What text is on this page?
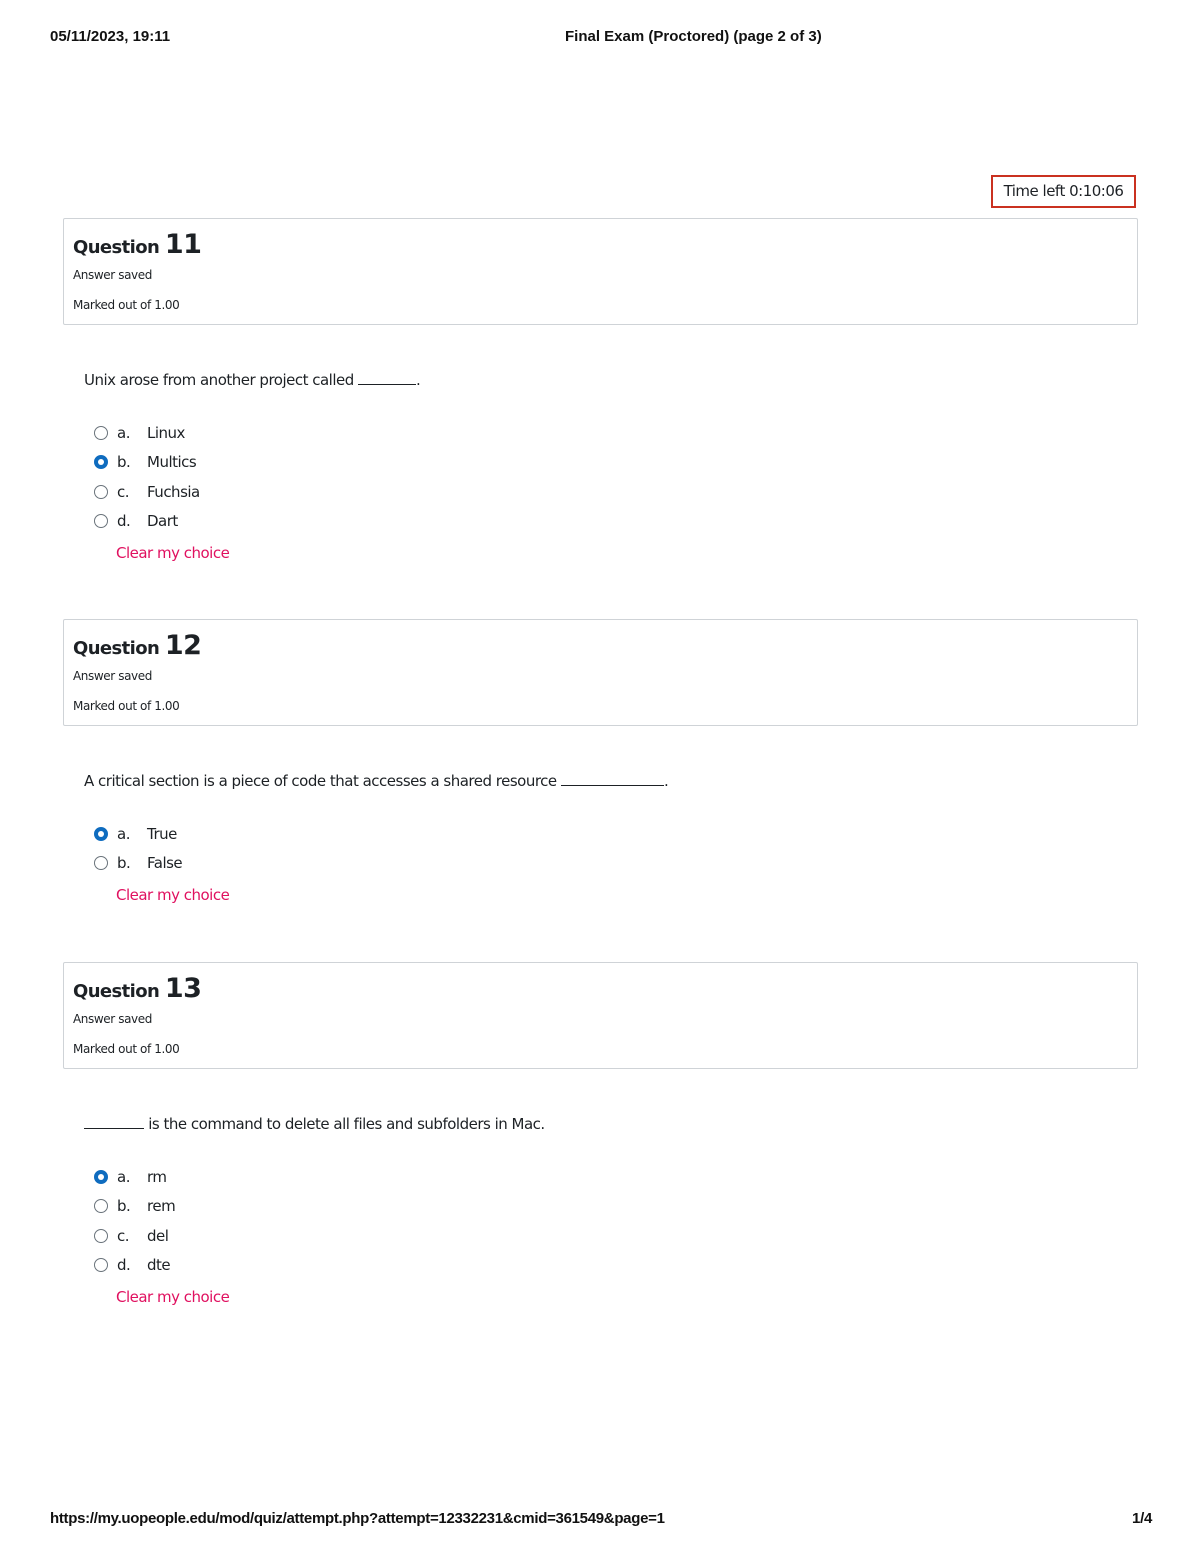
05/11/2023, 19:11	Final Exam (Proctored) (page 2 of 3)
Time left 0:10:06
Question 11
Answer saved
Marked out of 1.00
Unix arose from another project called	.
a. Linux
b. Multics
c. Fuchsia
d. Dart
Clear my choice
Question 12
Answer saved
Marked out of 1.00
A critical section is a piece of code that accesses a shared resource	.
a. True
b. False
Clear my choice
Question 13
Answer saved
Marked out of 1.00
is the command to delete all files and subfolders in Mac.
a. rm
b. rem
c. del
d. dte
Clear my choice
https://my.uopeople.edu/mod/quiz/attempt.php?attempt=12332231&cmid=361549&page=1	1/4
